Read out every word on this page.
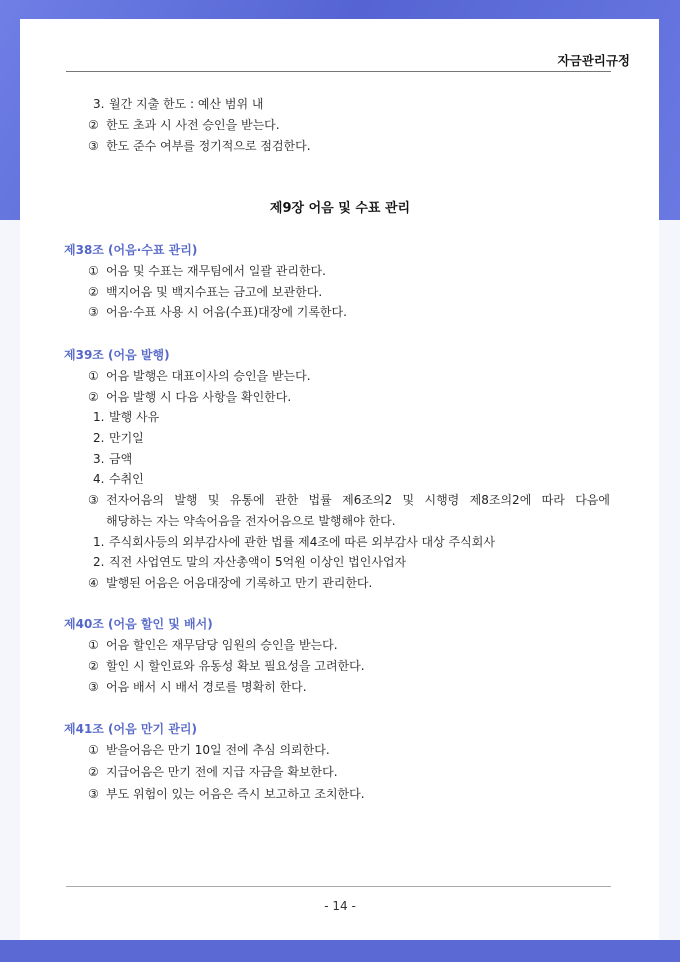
자금관리규정
3. 월간 지출 한도 : 예산 범위 내
② 한도 초과 시 사전 승인을 받는다.
③ 한도 준수 여부를 정기적으로 점검한다.
제9장 어음 및 수표 관리
제38조 (어음·수표 관리)
① 어음 및 수표는 재무팀에서 일괄 관리한다.
② 백지어음 및 백지수표는 금고에 보관한다.
③ 어음·수표 사용 시 어음(수표)대장에 기록한다.
제39조 (어음 발행)
① 어음 발행은 대표이사의 승인을 받는다.
② 어음 발행 시 다음 사항을 확인한다.
1. 발행 사유
2. 만기일
3. 금액
4. 수취인
③ 전자어음의 발행 및 유통에 관한 법률 제6조의2 및 시행령 제8조의2에 따라 다음에
해당하는 자는 약속어음을 전자어음으로 발행해야 한다.
1. 주식회사등의 외부감사에 관한 법률 제4조에 따른 외부감사 대상 주식회사
2. 직전 사업연도 말의 자산총액이 5억원 이상인 법인사업자
④ 발행된 어음은 어음대장에 기록하고 만기 관리한다.
제40조 (어음 할인 및 배서)
① 어음 할인은 재무담당 임원의 승인을 받는다.
② 할인 시 할인료와 유동성 확보 필요성을 고려한다.
③ 어음 배서 시 배서 경로를 명확히 한다.
제41조 (어음 만기 관리)
① 받을어음은 만기 10일 전에 추심 의뢰한다.
② 지급어음은 만기 전에 지급 자금을 확보한다.
③ 부도 위험이 있는 어음은 즉시 보고하고 조치한다.
- 14 -
